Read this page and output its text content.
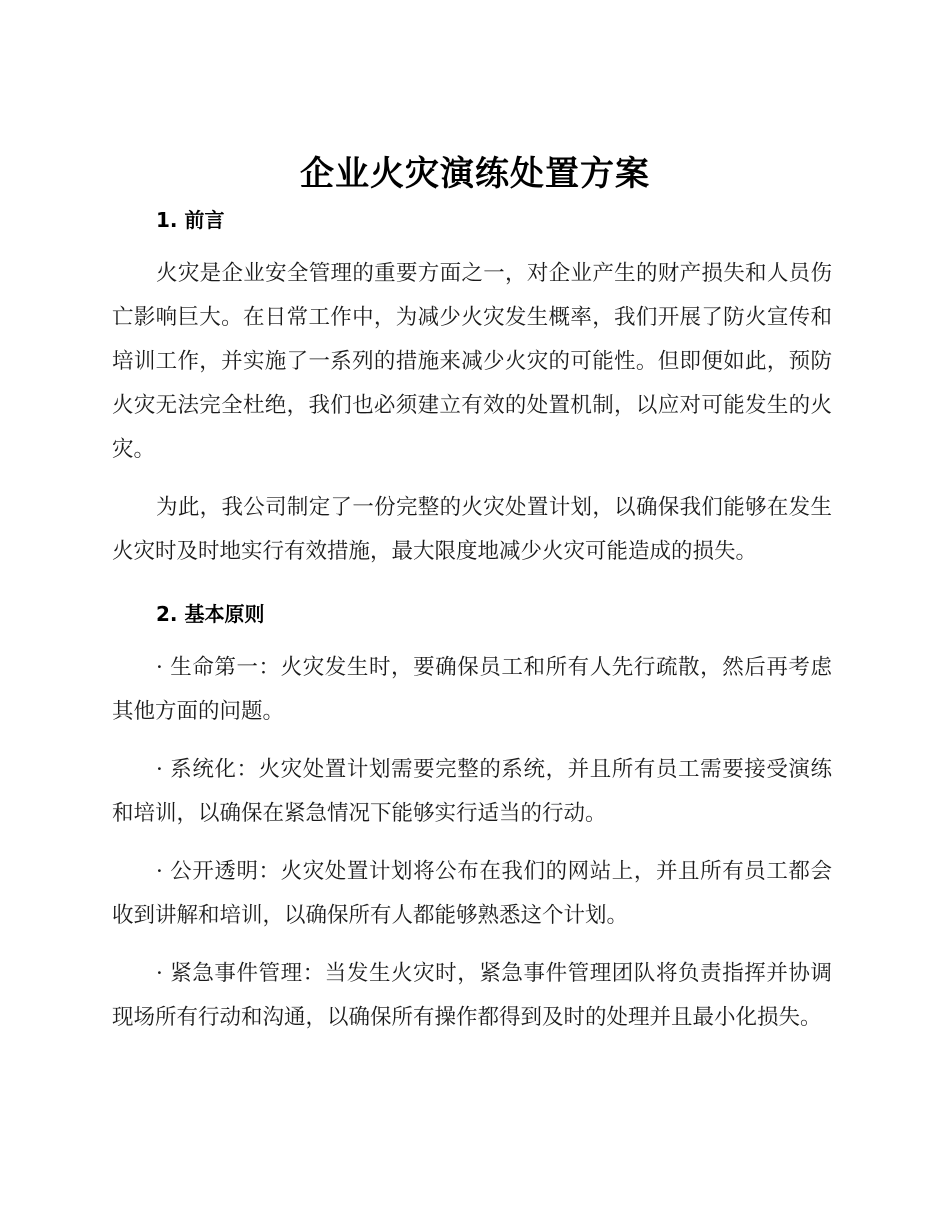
企业火灾演练处置方案
1. 前言

火灾是企业安全管理的重要方面之一，对企业产生的财产损失和人员伤亡影响巨大。在日常工作中，为减少火灾发生概率，我们开展了防火宣传和培训工作，并实施了一系列的措施来减少火灾的可能性。但即便如此，预防火灾无法完全杜绝，我们也必须建立有效的处置机制，以应对可能发生的火灾。

为此，我公司制定了一份完整的火灾处置计划，以确保我们能够在发生火灾时及时地实行有效措施，最大限度地减少火灾可能造成的损失。

2. 基本原则

· 生命第一：火灾发生时，要确保员工和所有人先行疏散，然后再考虑其他方面的问题。

· 系统化：火灾处置计划需要完整的系统，并且所有员工需要接受演练和培训，以确保在紧急情况下能够实行适当的行动。

· 公开透明：火灾处置计划将公布在我们的网站上，并且所有员工都会收到讲解和培训，以确保所有人都能够熟悉这个计划。

· 紧急事件管理：当发生火灾时，紧急事件管理团队将负责指挥并协调现场所有行动和沟通，以确保所有操作都得到及时的处理并且最小化损失。
